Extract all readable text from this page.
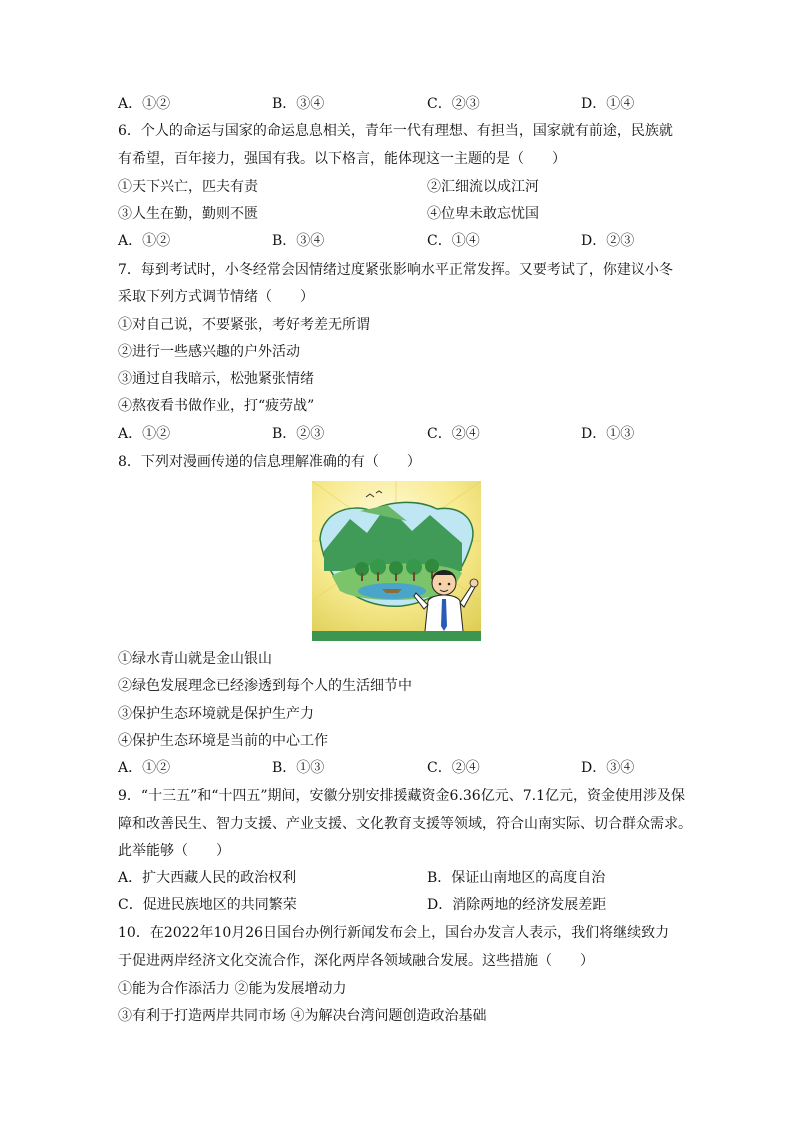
A．①②	B．③④	C．②③	D．①④
6．个人的命运与国家的命运息息相关，青年一代有理想、有担当，国家就有前途，民族就
有希望，百年接力，强国有我。以下格言，能体现这一主题的是（　　）
①天下兴亡，匹夫有责	②汇细流以成江河
③人生在勤，勤则不匮	④位卑未敢忘忧国
A．①②	B．③④	C．①④	D．②③
7．每到考试时，小冬经常会因情绪过度紧张影响水平正常发挥。又要考试了，你建议小冬
采取下列方式调节情绪（　　）
①对自己说，不要紧张，考好考差无所谓
②进行一些感兴趣的户外活动
③通过自我暗示，松弛紧张情绪
④熬夜看书做作业，打“疲劳战”
A．①②	B．②③	C．②④	D．①③
8．下列对漫画传递的信息理解准确的有（　　）
①绿水青山就是金山银山
②绿色发展理念已经渗透到每个人的生活细节中
③保护生态环境就是保护生产力
④保护生态环境是当前的中心工作
A．①②	B．①③	C．②④	D．③④
9．“十三五”和“十四五”期间，安徽分别安排援藏资金6.36亿元、7.1亿元，资金使用涉及保
障和改善民生、智力支援、产业支援、文化教育支援等领域，符合山南实际、切合群众需求。
此举能够（　　）
A．扩大西藏人民的政治权利	B．保证山南地区的高度自治
C．促进民族地区的共同繁荣	D．消除两地的经济发展差距
10．在2022年10月26日国台办例行新闻发布会上，国台办发言人表示，我们将继续致力
于促进两岸经济文化交流合作，深化两岸各领域融合发展。这些措施（　　）
①能为合作添活力 ②能为发展增动力
③有利于打造两岸共同市场 ④为解决台湾问题创造政治基础
